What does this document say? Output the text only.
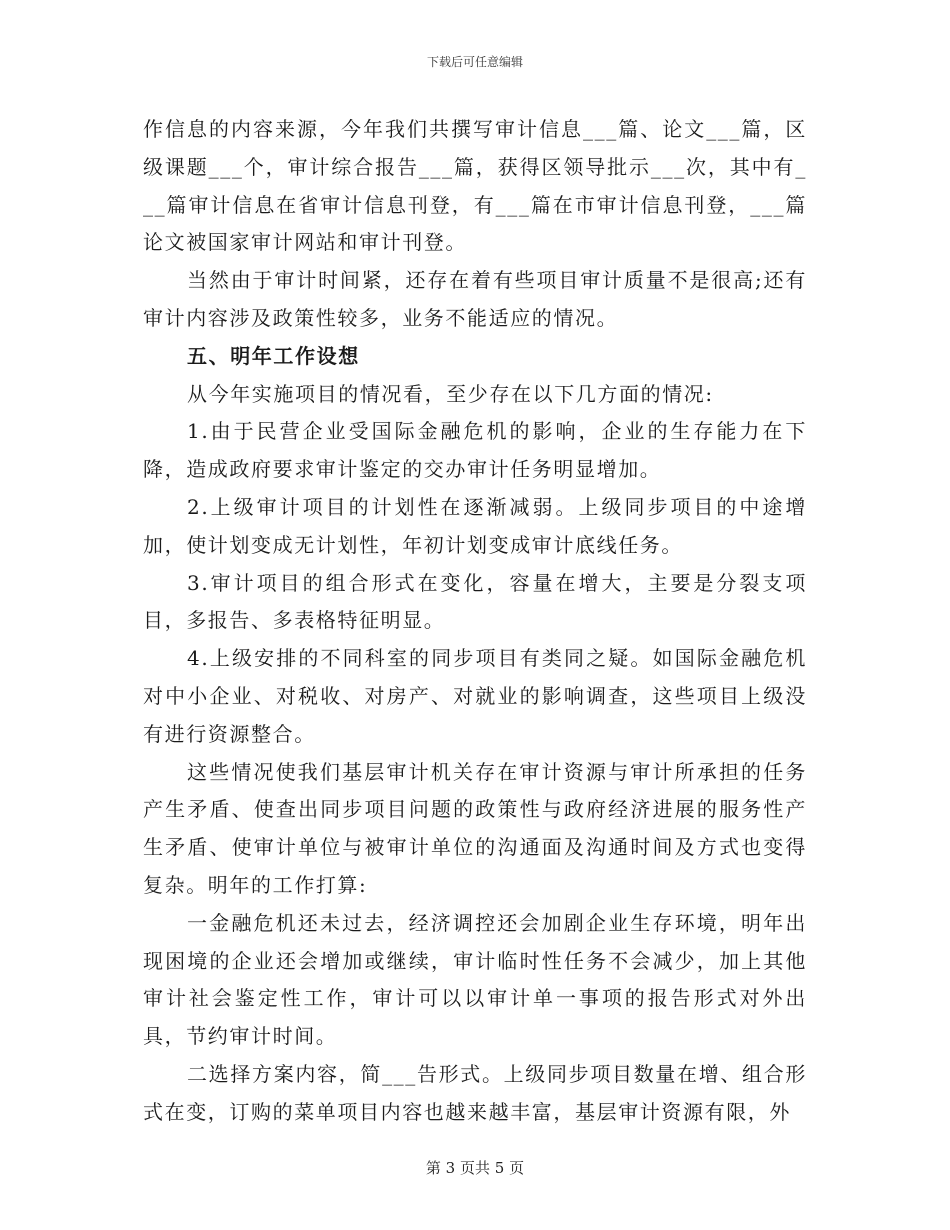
下载后可任意编辑

作信息的内容来源，今年我们共撰写审计信息___篇、论文___篇，区级课题___个，审计综合报告___篇，获得区领导批示___次，其中有___篇审计信息在省审计信息刊登，有___篇在市审计信息刊登，___篇论文被国家审计网站和审计刊登。

当然由于审计时间紧，还存在着有些项目审计质量不是很高;还有审计内容涉及政策性较多，业务不能适应的情况。

五、明年工作设想

从今年实施项目的情况看，至少存在以下几方面的情况:

1.由于民营企业受国际金融危机的影响，企业的生存能力在下降，造成政府要求审计鉴定的交办审计任务明显增加。

2.上级审计项目的计划性在逐渐减弱。上级同步项目的中途增加，使计划变成无计划性，年初计划变成审计底线任务。

3.审计项目的组合形式在变化，容量在增大，主要是分裂支项目，多报告、多表格特征明显。

4.上级安排的不同科室的同步项目有类同之疑。如国际金融危机对中小企业、对税收、对房产、对就业的影响调查，这些项目上级没有进行资源整合。

这些情况使我们基层审计机关存在审计资源与审计所承担的任务产生矛盾、使查出同步项目问题的政策性与政府经济进展的服务性产生矛盾、使审计单位与被审计单位的沟通面及沟通时间及方式也变得复杂。明年的工作打算:

一金融危机还未过去，经济调控还会加剧企业生存环境，明年出现困境的企业还会增加或继续，审计临时性任务不会减少，加上其他审计社会鉴定性工作，审计可以以审计单一事项的报告形式对外出具，节约审计时间。

二选择方案内容，简___告形式。上级同步项目数量在增、组合形式在变，订购的菜单项目内容也越来越丰富，基层审计资源有限，外

第 3 页共 5 页
